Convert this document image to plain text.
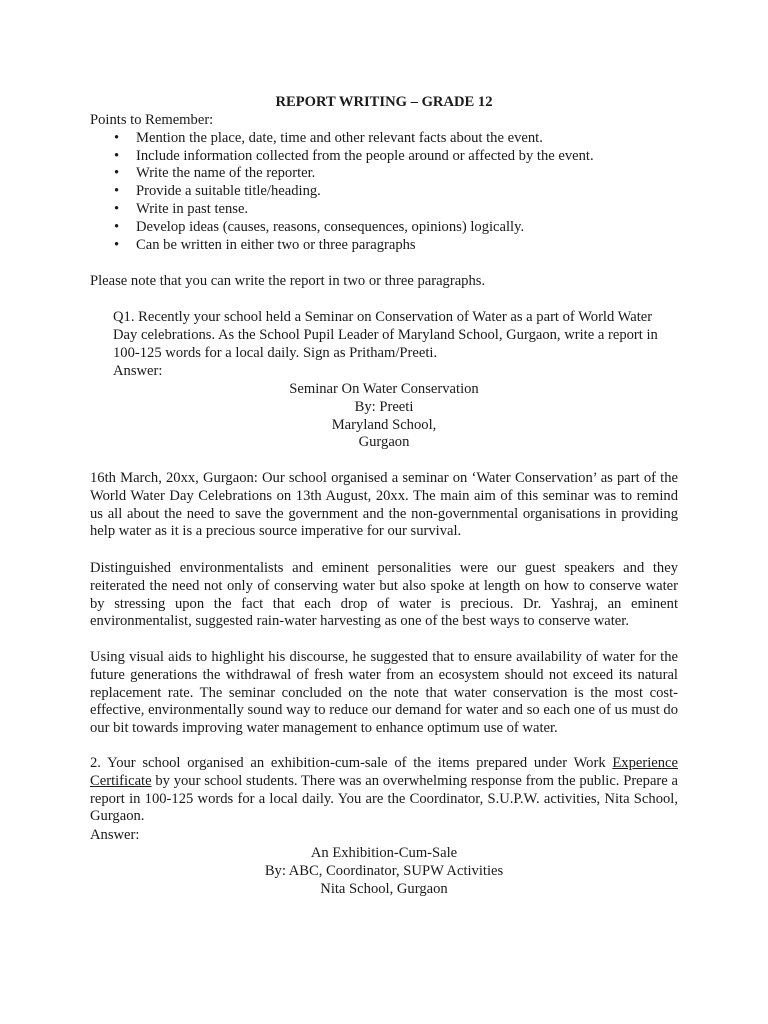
REPORT WRITING – GRADE 12
Points to Remember:
• Mention the place, date, time and other relevant facts about the event.
• Include information collected from the people around or affected by the event.
• Write the name of the reporter.
• Provide a suitable title/heading.
• Write in past tense.
• Develop ideas (causes, reasons, consequences, opinions) logically.
• Can be written in either two or three paragraphs
Please note that you can write the report in two or three paragraphs.
Q1. Recently your school held a Seminar on Conservation of Water as a part of World Water Day celebrations. As the School Pupil Leader of Maryland School, Gurgaon, write a report in 100-125 words for a local daily. Sign as Pritham/Preeti.
Answer:
Seminar On Water Conservation
By: Preeti
Maryland School,
Gurgaon
16th March, 20xx, Gurgaon: Our school organised a seminar on ‘Water Conservation’ as part of the World Water Day Celebrations on 13th August, 20xx. The main aim of this seminar was to remind us all about the need to save the government and the non-governmental organisations in providing help water as it is a precious source imperative for our survival.
Distinguished environmentalists and eminent personalities were our guest speakers and they reiterated the need not only of conserving water but also spoke at length on how to conserve water by stressing upon the fact that each drop of water is precious. Dr. Yashraj, an eminent environmentalist, suggested rain-water harvesting as one of the best ways to conserve water.
Using visual aids to highlight his discourse, he suggested that to ensure availability of water for the future generations the withdrawal of fresh water from an ecosystem should not exceed its natural replacement rate. The seminar concluded on the note that water conservation is the most cost-effective, environmentally sound way to reduce our demand for water and so each one of us must do our bit towards improving water management to enhance optimum use of water.
2. Your school organised an exhibition-cum-sale of the items prepared under Work Experience Certificate by your school students. There was an overwhelming response from the public. Prepare a report in 100-125 words for a local daily. You are the Coordinator, S.U.P.W. activities, Nita School, Gurgaon.
Answer:
An Exhibition-Cum-Sale
By: ABC, Coordinator, SUPW Activities
Nita School, Gurgaon
